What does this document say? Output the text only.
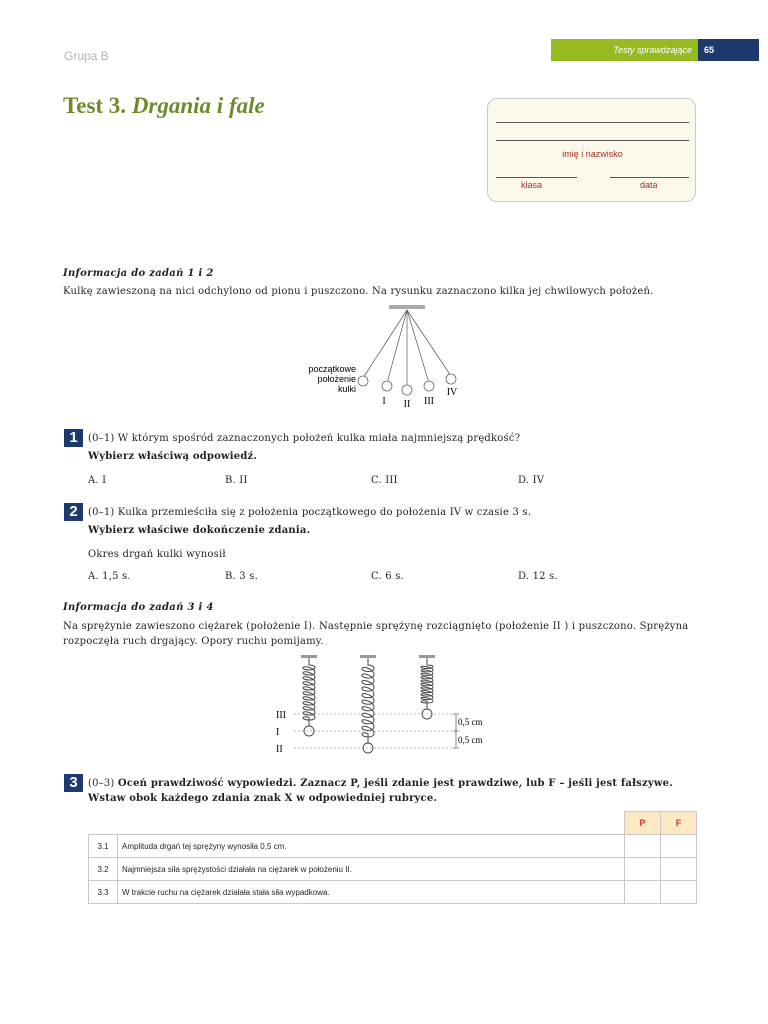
Grupa B	Testy sprawdzające	65
Test 3. Drgania i fale
imię i nazwisko
klasa	data
Informacja do zadań 1 i 2
Kulkę zawieszoną na nici odchylono od pionu i puszczono. Na rysunku zaznaczono kilka jej chwilowych położeń.
początkowe
położenie
kulki
I II III
IV
1	(0–1) W którym spośród zaznaczonych położeń kulka miała najmniejszą prędkość?
Wybierz właściwą odpowiedź.
A. I	B. II	C. III	D. IV
2	(0–1) Kulka przemieściła się z położenia początkowego do położenia IV w czasie 3 s.
Wybierz właściwe dokończenie zdania.
Okres drgań kulki wynosił
A. 1,5 s.	B. 3 s.	C. 6 s.	D. 12 s.
Informacja do zadań 3 i 4
Na sprężynie zawieszono ciężarek (położenie I). Następnie sprężynę rozciągnięto (położenie II ) i puszczono. Sprężyna
rozpoczęła ruch drgający. Opory ruchu pomijamy.
III
I
II
0,5 cm
0,5 cm
3	(0–3) Oceń prawdziwość wypowiedzi. Zaznacz P, jeśli zdanie jest prawdziwe, lub F – jeśli jest fałszywe.
Wstaw obok każdego zdania znak X w odpowiedniej rubryce.
		P	F
3.1	Amplituda drgań tej sprężyny wynosiła 0,5 cm.		
3.2	Najmniejsza siła sprężystości działała na ciężarek w położeniu II.		
3.3	W trakcie ruchu na ciężarek działała stała siła wypadkowa.		
